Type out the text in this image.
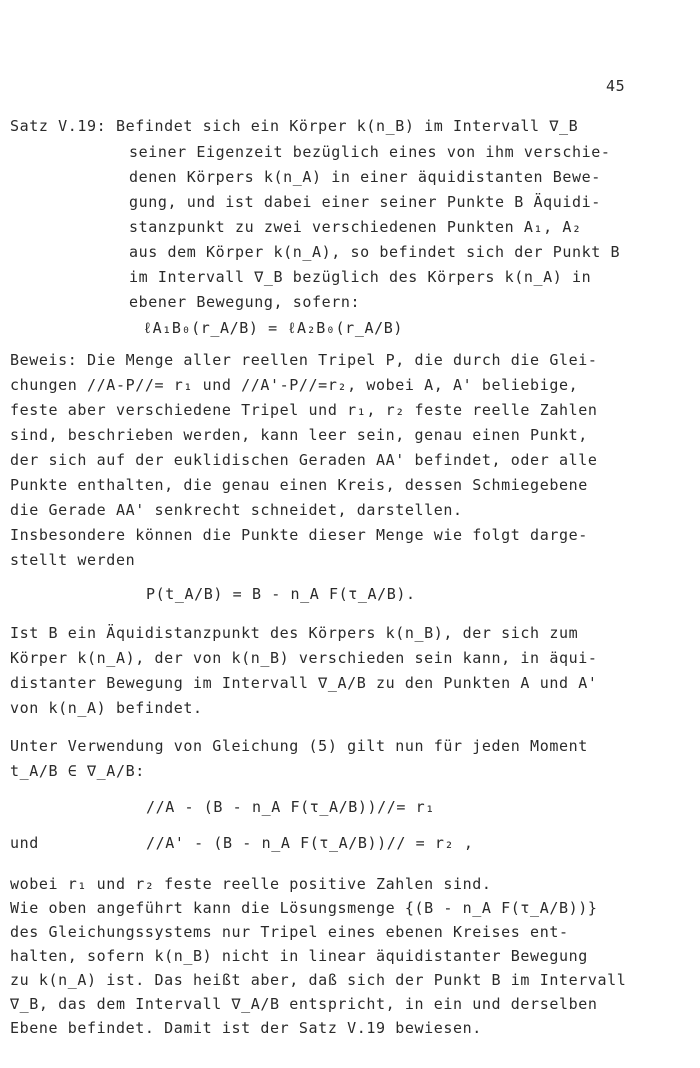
45
Satz V.19: Befindet sich ein Körper k(n_B) im Intervall ∇_B
seiner Eigenzeit bezüglich eines von ihm verschie-
denen Körpers k(n_A) in einer äquidistanten Bewe-
gung, und ist dabei einer seiner Punkte B Äquidi-
stanzpunkt zu zwei verschiedenen Punkten A₁, A₂
aus dem Körper k(n_A), so befindet sich der Punkt B
im Intervall ∇_B bezüglich des Körpers k(n_A) in
ebener Bewegung, sofern:
ℓA₁B₀(r_A/B) = ℓA₂B₀(r_A/B)
Beweis: Die Menge aller reellen Tripel P, die durch die Glei-
chungen //A-P//= r₁ und //A'-P//=r₂, wobei A, A' beliebige,
feste aber verschiedene Tripel und r₁, r₂ feste reelle Zahlen
sind, beschrieben werden, kann leer sein, genau einen Punkt,
der sich auf der euklidischen Geraden AA' befindet, oder alle
Punkte enthalten, die genau einen Kreis, dessen Schmiegebene
die Gerade AA' senkrecht schneidet, darstellen.
Insbesondere können die Punkte dieser Menge wie folgt darge-
stellt werden
P(t_A/B) = B - n_A F(τ_A/B).
Ist B ein Äquidistanzpunkt des Körpers k(n_B), der sich zum
Körper k(n_A), der von k(n_B) verschieden sein kann, in äqui-
distanter Bewegung im Intervall ∇_A/B zu den Punkten A und A'
von k(n_A) befindet.
Unter Verwendung von Gleichung (5) gilt nun für jeden Moment
t_A/B ∈ ∇_A/B:
//A - (B - n_A F(τ_A/B))//= r₁
und	//A' - (B - n_A F(τ_A/B))// = r₂ ,
wobei r₁ und r₂ feste reelle positive Zahlen sind.
Wie oben angeführt kann die Lösungsmenge {(B - n_A F(τ_A/B))}
des Gleichungssystems nur Tripel eines ebenen Kreises ent-
halten, sofern k(n_B) nicht in linear äquidistanter Bewegung
zu k(n_A) ist. Das heißt aber, daß sich der Punkt B im Intervall
∇_B, das dem Intervall ∇_A/B entspricht, in ein und derselben
Ebene befindet. Damit ist der Satz V.19 bewiesen.
